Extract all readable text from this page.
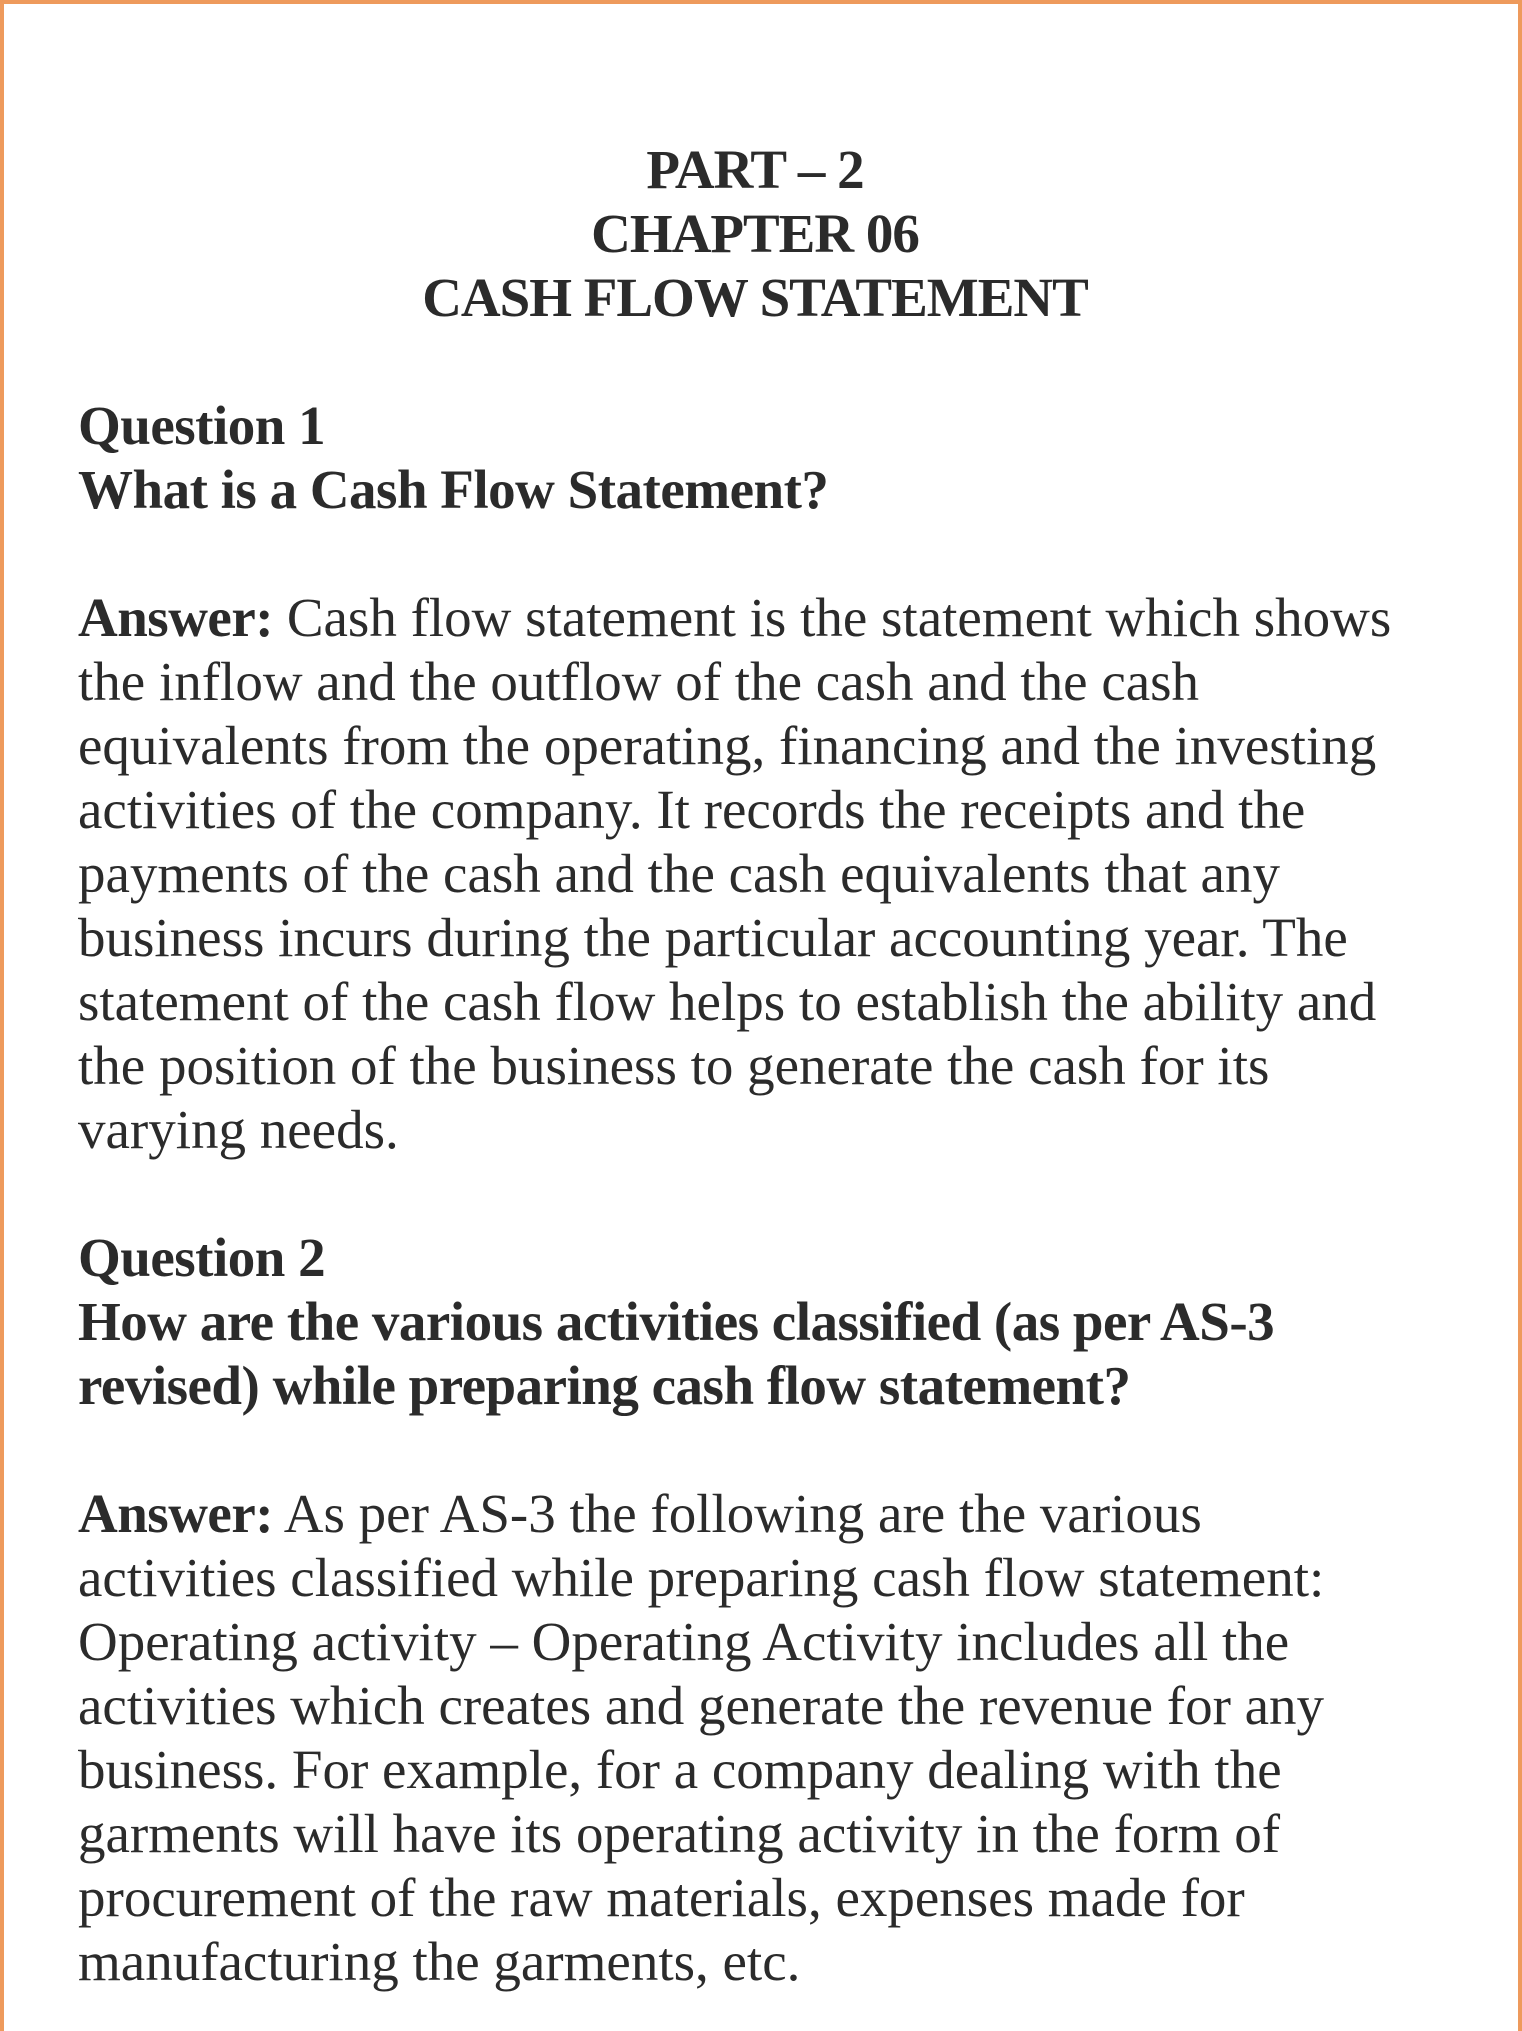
PART – 2
CHAPTER 06
CASH FLOW STATEMENT
Question 1
What is a Cash Flow Statement?
Answer: Cash flow statement is the statement which shows
the inflow and the outflow of the cash and the cash
equivalents from the operating, financing and the investing
activities of the company. It records the receipts and the
payments of the cash and the cash equivalents that any
business incurs during the particular accounting year. The
statement of the cash flow helps to establish the ability and
the position of the business to generate the cash for its
varying needs.
Question 2
How are the various activities classified (as per AS-3
revised) while preparing cash flow statement?
Answer: As per AS-3 the following are the various
activities classified while preparing cash flow statement:
Operating activity – Operating Activity includes all the
activities which creates and generate the revenue for any
business. For example, for a company dealing with the
garments will have its operating activity in the form of
procurement of the raw materials, expenses made for
manufacturing the garments, etc.
